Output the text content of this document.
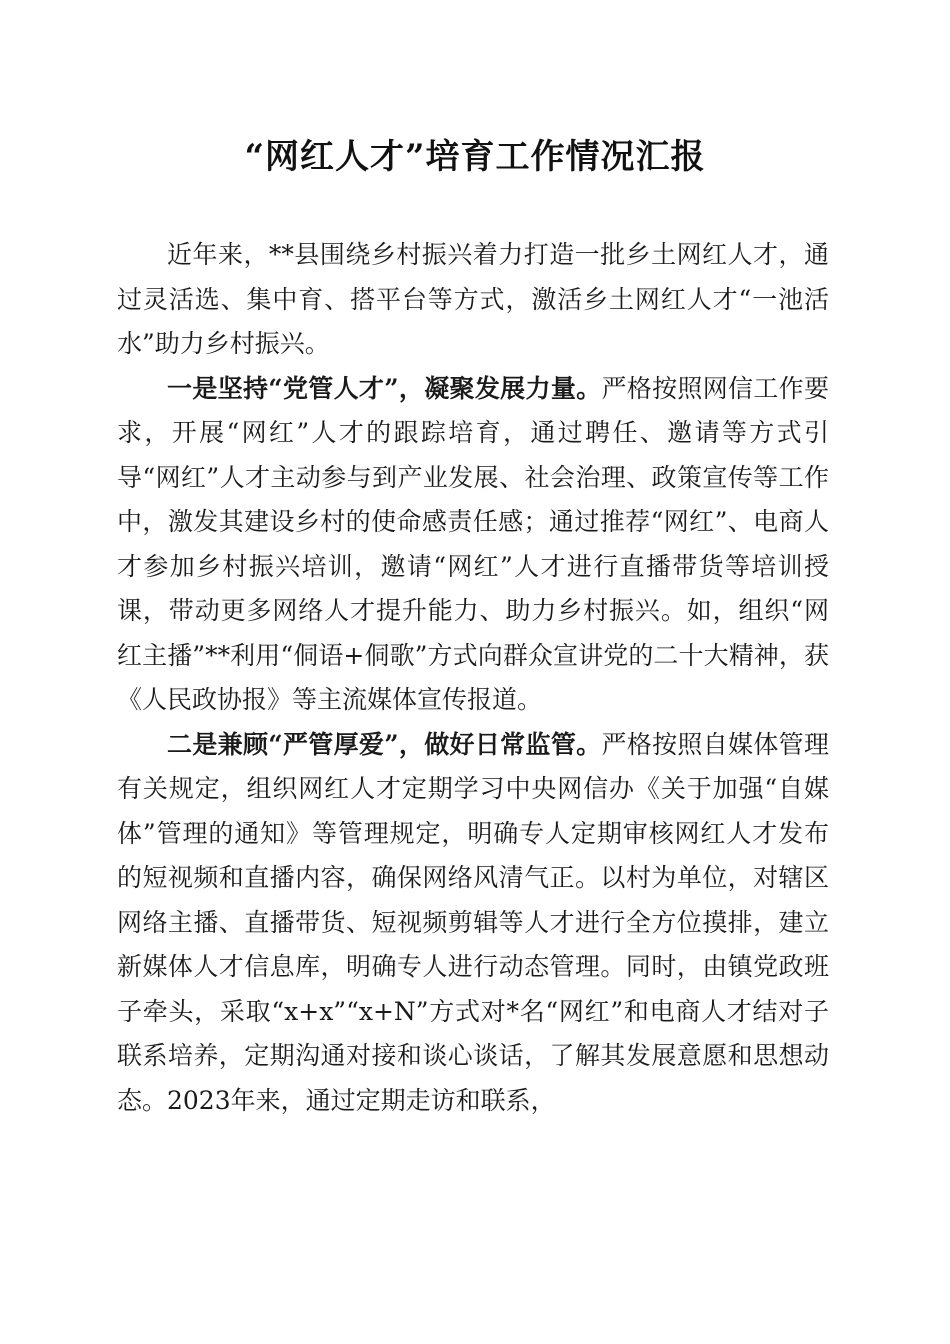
“网红人才”培育工作情况汇报

近年来，**县围绕乡村振兴着力打造一批乡土网红人才，通过灵活选、集中育、搭平台等方式，激活乡土网红人才“一池活水”助力乡村振兴。

一是坚持“党管人才”，凝聚发展力量。严格按照网信工作要求，开展“网红”人才的跟踪培育，通过聘任、邀请等方式引导“网红”人才主动参与到产业发展、社会治理、政策宣传等工作中，激发其建设乡村的使命感责任感；通过推荐“网红”、电商人才参加乡村振兴培训，邀请“网红”人才进行直播带货等培训授课，带动更多网络人才提升能力、助力乡村振兴。如，组织“网红主播”**利用“侗语+侗歌”方式向群众宣讲党的二十大精神，获《人民政协报》等主流媒体宣传报道。

二是兼顾“严管厚爱”，做好日常监管。严格按照自媒体管理有关规定，组织网红人才定期学习中央网信办《关于加强“自媒体”管理的通知》等管理规定，明确专人定期审核网红人才发布的短视频和直播内容，确保网络风清气正。以村为单位，对辖区网络主播、直播带货、短视频剪辑等人才进行全方位摸排，建立新媒体人才信息库，明确专人进行动态管理。同时，由镇党政班子牵头，采取“x+x”“x+N”方式对*名“网红”和电商人才结对子联系培养，定期沟通对接和谈心谈话，了解其发展意愿和思想动态。2023年来，通过定期走访和联系，
